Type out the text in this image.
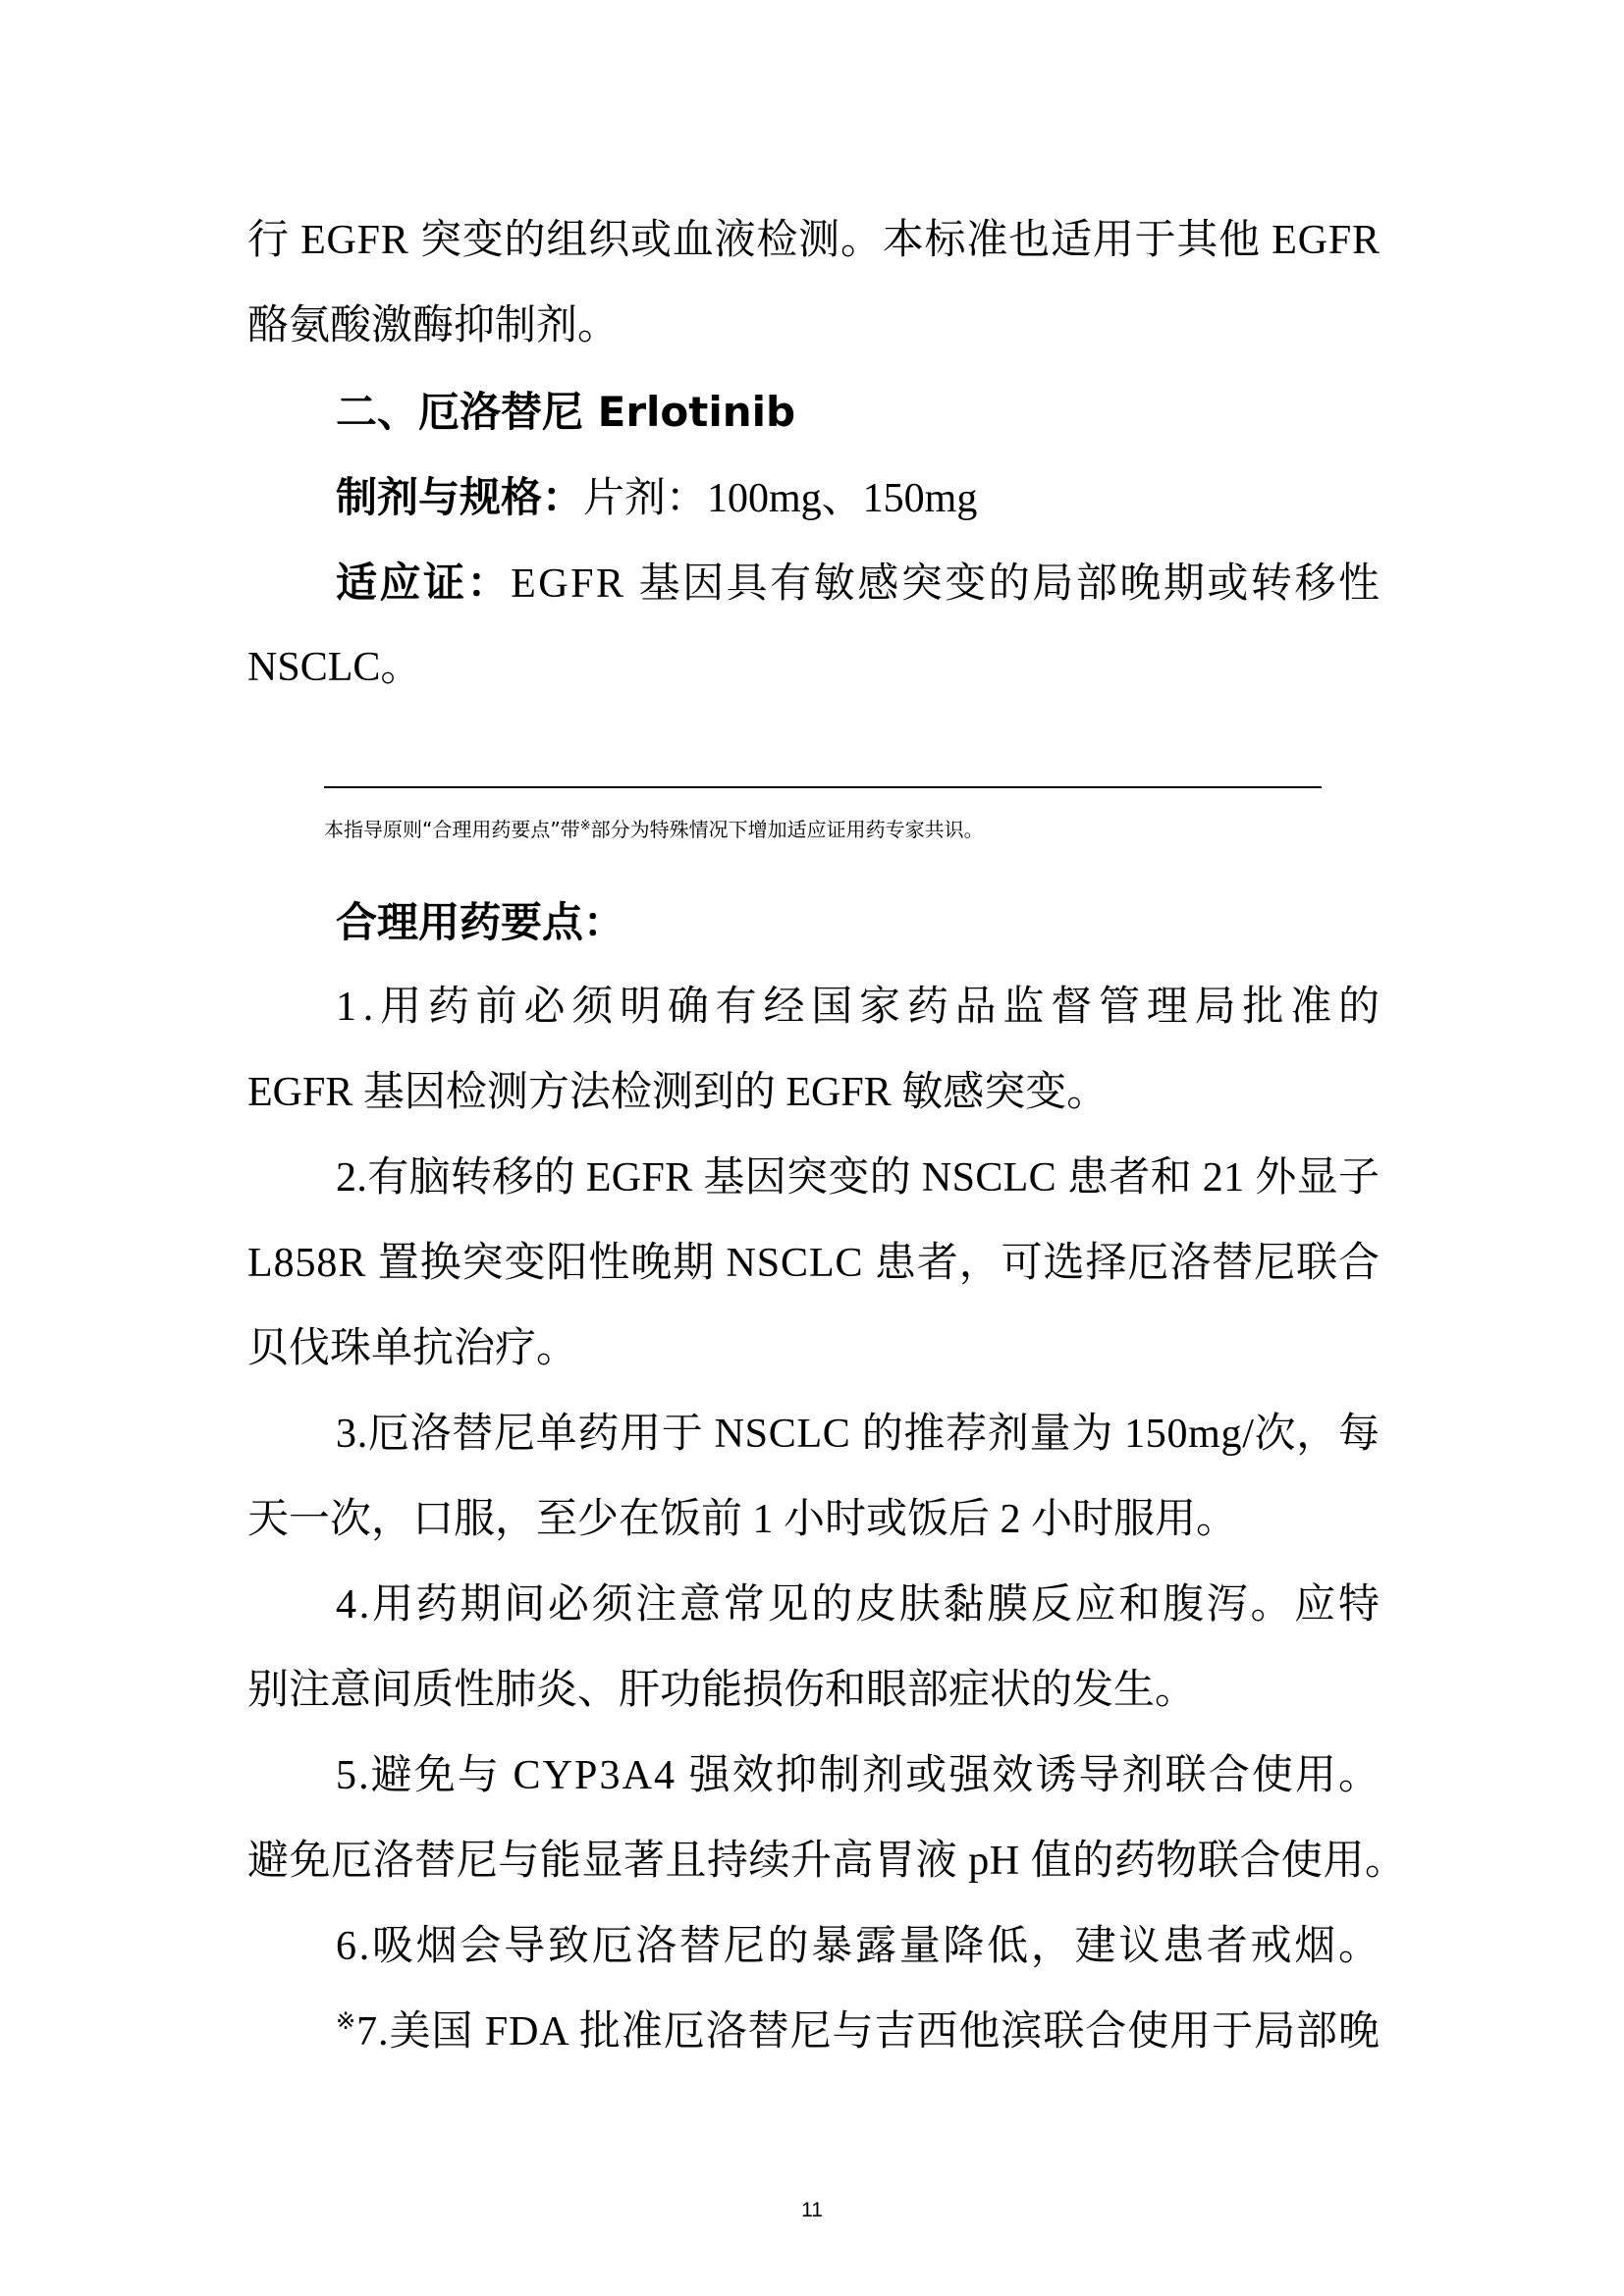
行 EGFR 突变的组织或血液检测。本标准也适用于其他 EGFR
酪氨酸激酶抑制剂。
二、厄洛替尼 Erlotinib
制剂与规格：片剂：100mg、150mg
适应证：EGFR 基因具有敏感突变的局部晚期或转移性
NSCLC。
本指导原则“合理用药要点”带※部分为特殊情况下增加适应证用药专家共识。
合理用药要点：
1.用药前必须明确有经国家药品监督管理局批准的
EGFR 基因检测方法检测到的 EGFR 敏感突变。
2.有脑转移的 EGFR 基因突变的 NSCLC 患者和 21 外显子
L858R 置换突变阳性晚期 NSCLC 患者，可选择厄洛替尼联合
贝伐珠单抗治疗。
3.厄洛替尼单药用于 NSCLC 的推荐剂量为 150mg/次，每
天一次，口服，至少在饭前 1 小时或饭后 2 小时服用。
4.用药期间必须注意常见的皮肤黏膜反应和腹泻。应特
别注意间质性肺炎、肝功能损伤和眼部症状的发生。
5.避免与 CYP3A4 强效抑制剂或强效诱导剂联合使用。
避免厄洛替尼与能显著且持续升高胃液 pH 值的药物联合使用。
6.吸烟会导致厄洛替尼的暴露量降低，建议患者戒烟。
※7.美国 FDA 批准厄洛替尼与吉西他滨联合使用于局部晚
11
